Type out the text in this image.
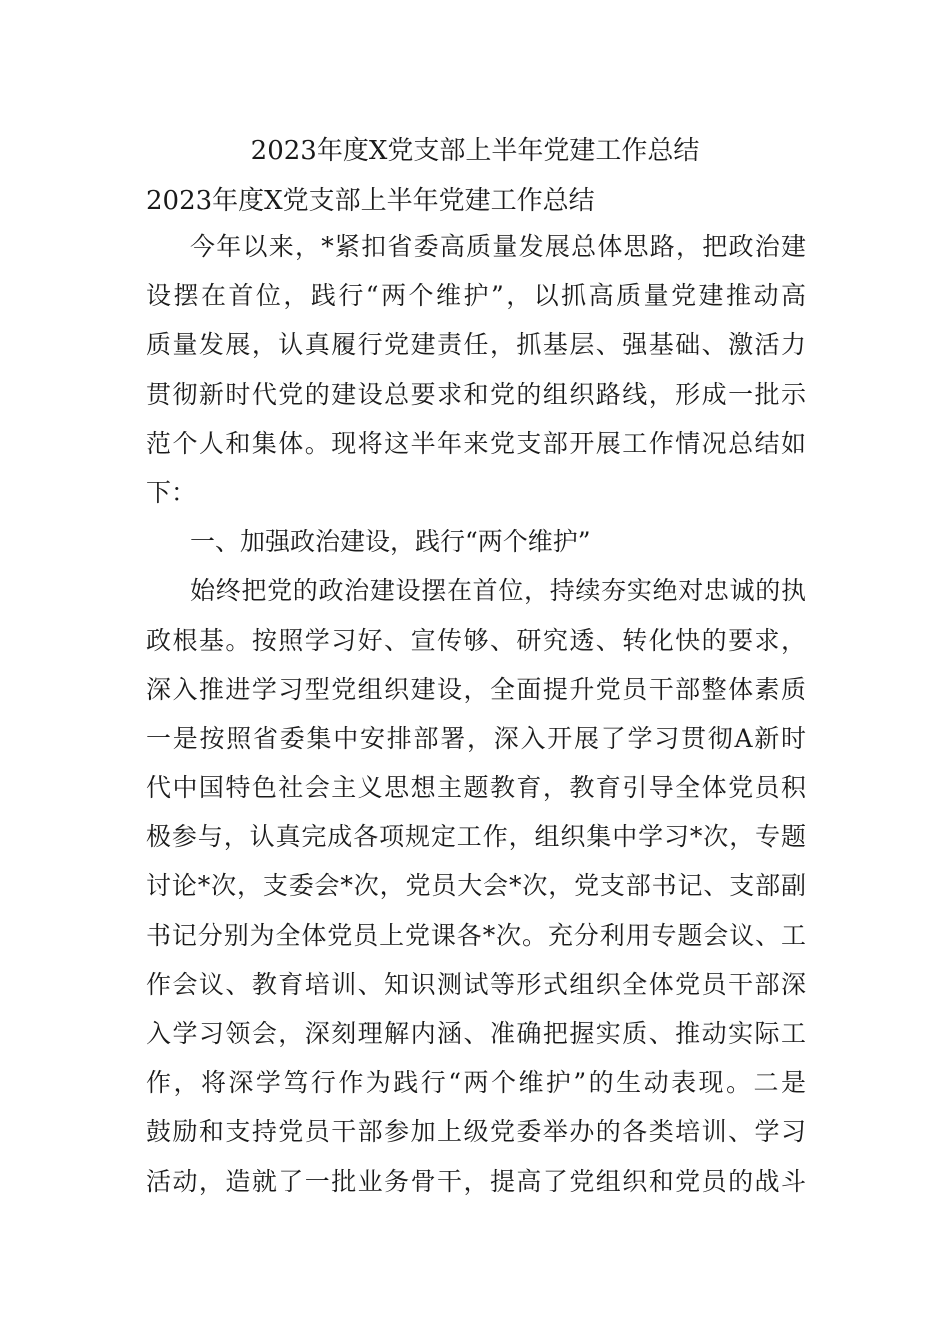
2023年度X党支部上半年党建工作总结
2023年度X党支部上半年党建工作总结
今年以来，*紧扣省委高质量发展总体思路，把政治建
设摆在首位，践行“两个维护”，以抓高质量党建推动高
质量发展，认真履行党建责任，抓基层、强基础、激活力
贯彻新时代党的建设总要求和党的组织路线，形成一批示
范个人和集体。现将这半年来党支部开展工作情况总结如
下：
一、加强政治建设，践行“两个维护”
始终把党的政治建设摆在首位，持续夯实绝对忠诚的执
政根基。按照学习好、宣传够、研究透、转化快的要求，
深入推进学习型党组织建设，全面提升党员干部整体素质
一是按照省委集中安排部署，深入开展了学习贯彻A新时
代中国特色社会主义思想主题教育，教育引导全体党员积
极参与，认真完成各项规定工作，组织集中学习*次，专题
讨论*次，支委会*次，党员大会*次，党支部书记、支部副
书记分别为全体党员上党课各*次。充分利用专题会议、工
作会议、教育培训、知识测试等形式组织全体党员干部深
入学习领会，深刻理解内涵、准确把握实质、推动实际工
作，将深学笃行作为践行“两个维护”的生动表现。二是
鼓励和支持党员干部参加上级党委举办的各类培训、学习
活动，造就了一批业务骨干，提高了党组织和党员的战斗
